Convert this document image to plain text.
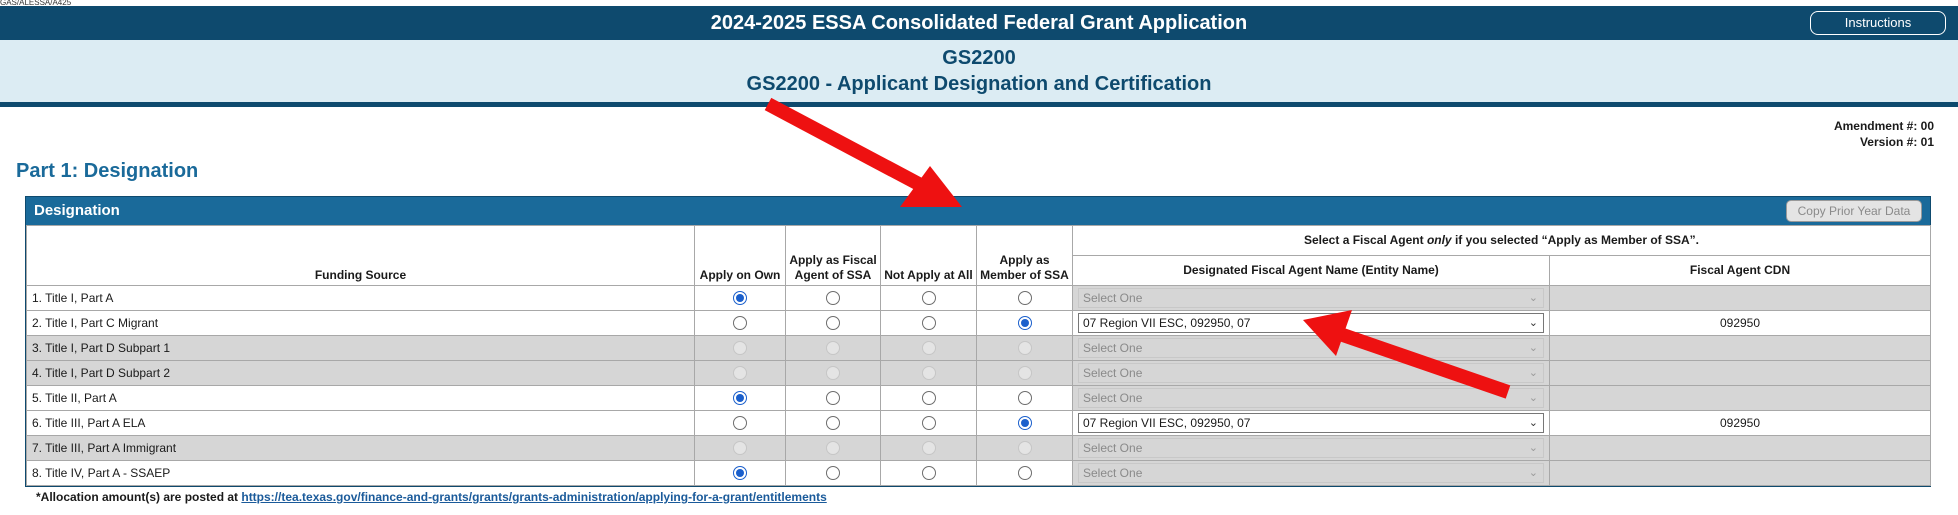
GAS/ALESSA/A425
2024-2025 ESSA Consolidated Federal Grant Application	Instructions
GS2200
GS2200 - Applicant Designation and Certification
Amendment #: 00
Version #: 01
Part 1: Designation
Designation	Copy Prior Year Data
Funding Source	Apply on Own	Apply as Fiscal Agent of SSA	Not Apply at All	Apply as Member of SSA	Select a Fiscal Agent only if you selected “Apply as Member of SSA”.	
					Designated Fiscal Agent Name (Entity Name)	Fiscal Agent CDN
1. Title I, Part A					Select One ⌄	

2. Title I, Part C Migrant					07 Region VII ESC, 092950, 07 ⌄	092950
3. Title I, Part D Subpart 1					Select One ⌄	

4. Title I, Part D Subpart 2					Select One ⌄	

5. Title II, Part A					Select One ⌄	

6. Title III, Part A ELA					07 Region VII ESC, 092950, 07 ⌄	092950
7. Title III, Part A Immigrant					Select One ⌄	

8. Title IV, Part A - SSAEP					Select One ⌄	

*Allocation amount(s) are posted at https://tea.texas.gov/finance-and-grants/grants/grants-administration/applying-for-a-grant/entitlements
